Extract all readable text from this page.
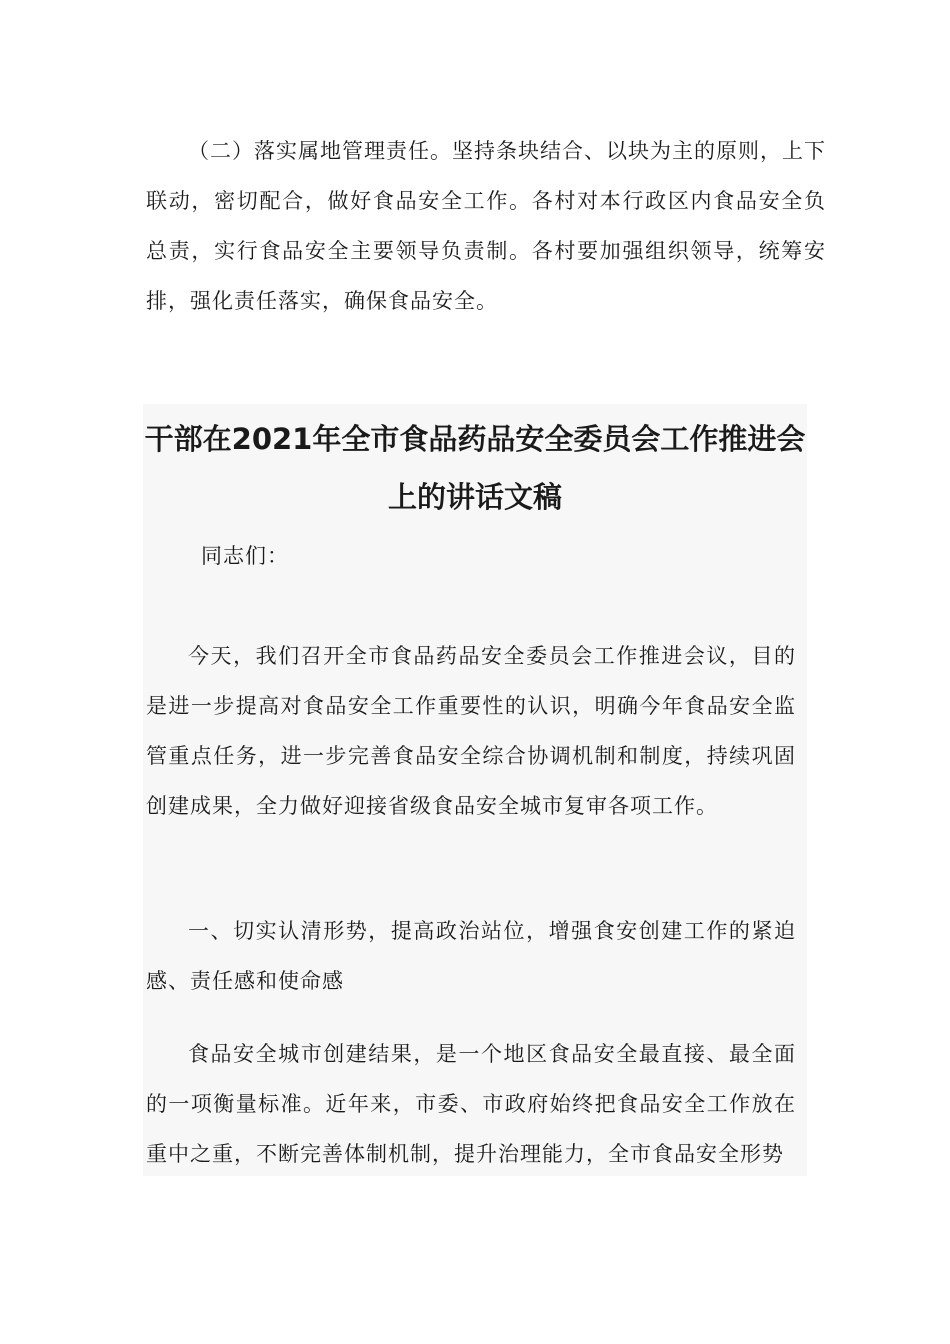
（二）落实属地管理责任。坚持条块结合、以块为主的原则，上下联动，密切配合，做好食品安全工作。各村对本行政区内食品安全负总责，实行食品安全主要领导负责制。各村要加强组织领导，统筹安排，强化责任落实，确保食品安全。

干部在2021年全市食品药品安全委员会工作推进会
上的讲话文稿

同志们：

今天，我们召开全市食品药品安全委员会工作推进会议，目的是进一步提高对食品安全工作重要性的认识，明确今年食品安全监管重点任务，进一步完善食品安全综合协调机制和制度，持续巩固创建成果，全力做好迎接省级食品安全城市复审各项工作。

一、切实认清形势，提高政治站位，增强食安创建工作的紧迫感、责任感和使命感

食品安全城市创建结果，是一个地区食品安全最直接、最全面的一项衡量标准。近年来，市委、市政府始终把食品安全工作放在重中之重，不断完善体制机制，提升治理能力，全市食品安全形势
